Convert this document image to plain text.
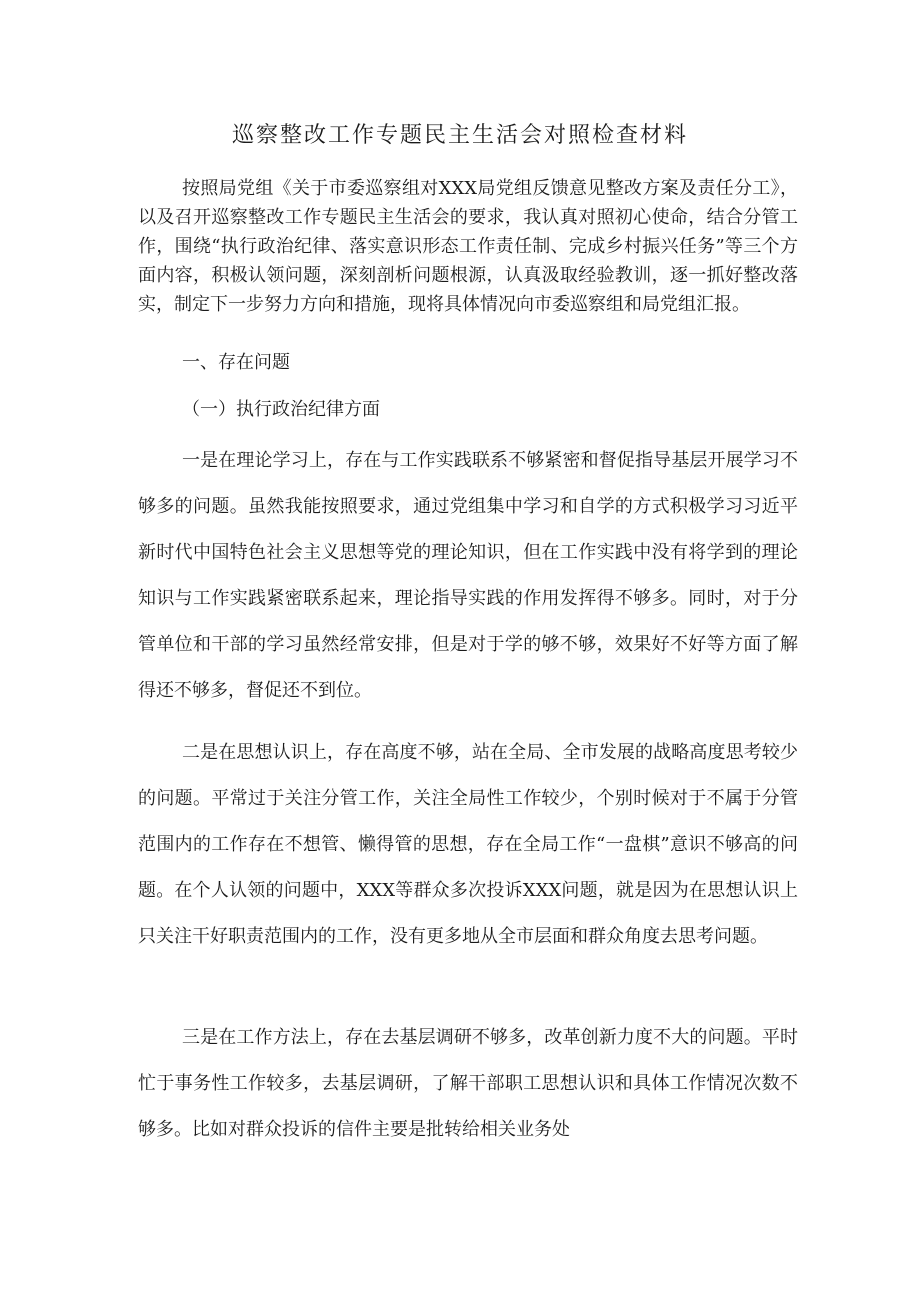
巡察整改工作专题民主生活会对照检查材料

按照局党组《关于市委巡察组对XXX局党组反馈意见整改方案及责任分工》，以及召开巡察整改工作专题民主生活会的要求，我认真对照初心使命，结合分管工作，围绕“执行政治纪律、落实意识形态工作责任制、完成乡村振兴任务”等三个方面内容，积极认领问题，深刻剖析问题根源，认真汲取经验教训，逐一抓好整改落实，制定下一步努力方向和措施，现将具体情况向市委巡察组和局党组汇报。

一、存在问题

（一）执行政治纪律方面

一是在理论学习上，存在与工作实践联系不够紧密和督促指导基层开展学习不够多的问题。虽然我能按照要求，通过党组集中学习和自学的方式积极学习习近平新时代中国特色社会主义思想等党的理论知识，但在工作实践中没有将学到的理论知识与工作实践紧密联系起来，理论指导实践的作用发挥得不够多。同时，对于分管单位和干部的学习虽然经常安排，但是对于学的够不够，效果好不好等方面了解得还不够多，督促还不到位。

二是在思想认识上，存在高度不够，站在全局、全市发展的战略高度思考较少的问题。平常过于关注分管工作，关注全局性工作较少，个别时候对于不属于分管范围内的工作存在不想管、懒得管的思想，存在全局工作“一盘棋”意识不够高的问题。在个人认领的问题中，XXX等群众多次投诉XXX问题，就是因为在思想认识上只关注干好职责范围内的工作，没有更多地从全市层面和群众角度去思考问题。

三是在工作方法上，存在去基层调研不够多，改革创新力度不大的问题。平时忙于事务性工作较多，去基层调研，了解干部职工思想认识和具体工作情况次数不够多。比如对群众投诉的信件主要是批转给相关业务处
